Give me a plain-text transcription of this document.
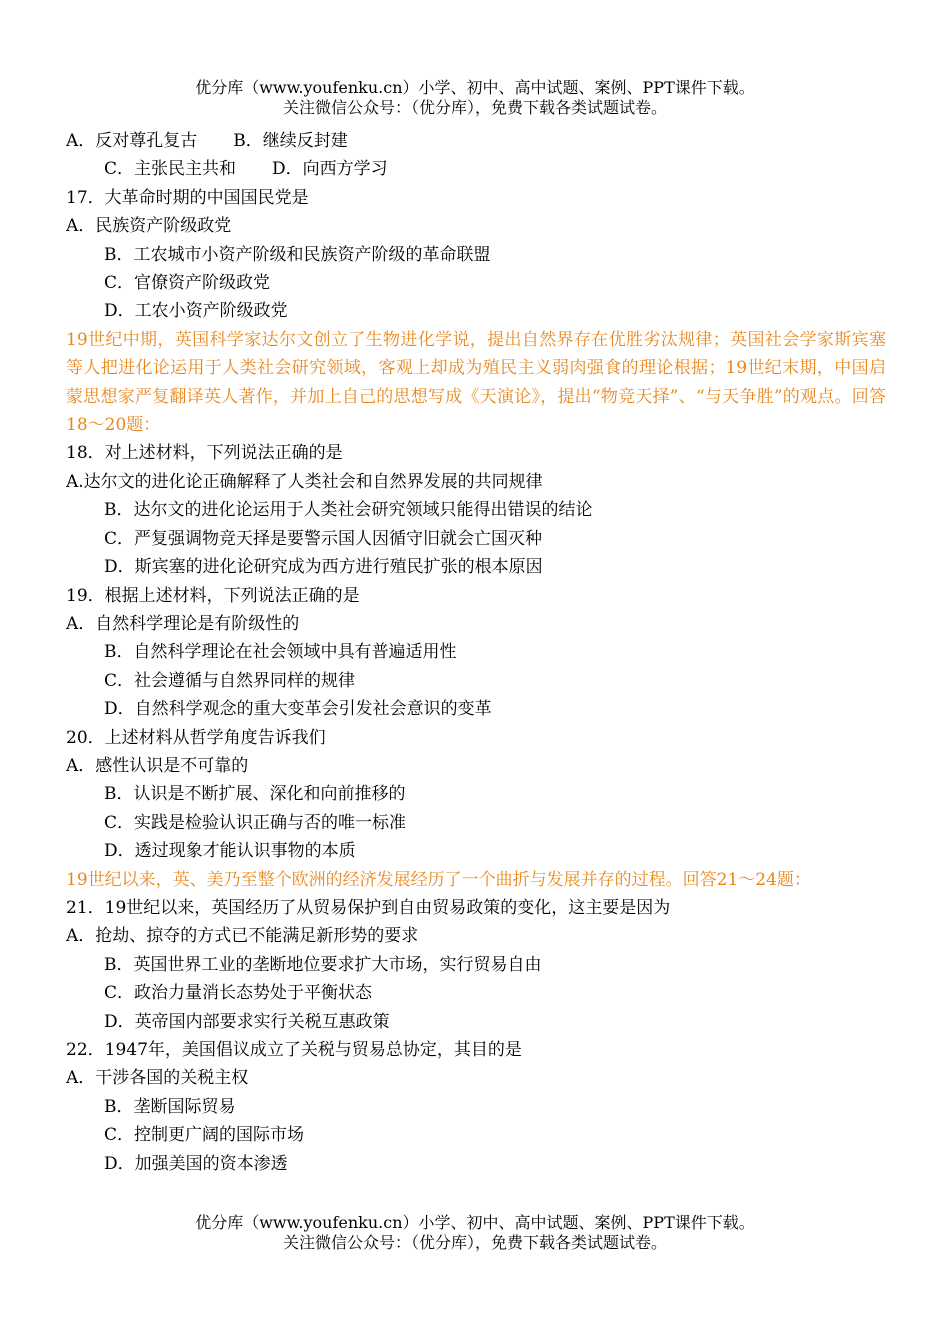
优分库（www.youfenku.cn）小学、初中、高中试题、案例、PPT课件下载。
关注微信公众号：（优分库），免费下载各类试题试卷。
A．反对尊孔复古 B．继续反封建
C．主张民主共和 D．向西方学习
17．大革命时期的中国国民党是
A．民族资产阶级政党
B．工农城市小资产阶级和民族资产阶级的革命联盟
C．官僚资产阶级政党
D．工农小资产阶级政党
19世纪中期，英国科学家达尔文创立了生物进化学说，提出自然界存在优胜劣汰规律；英国社会学家斯宾塞等人把进化论运用于人类社会研究领域，客观上却成为殖民主义弱肉强食的理论根据；19世纪末期，中国启蒙思想家严复翻译英人著作，并加上自己的思想写成《天演论》，提出“物竞天择”、“与天争胜”的观点。回答18～20题：
18．对上述材料，下列说法正确的是
A.达尔文的进化论正确解释了人类社会和自然界发展的共同规律
B．达尔文的进化论运用于人类社会研究领域只能得出错误的结论
C．严复强调物竞天择是要警示国人因循守旧就会亡国灭种
D．斯宾塞的进化论研究成为西方进行殖民扩张的根本原因
19．根据上述材料，下列说法正确的是
A．自然科学理论是有阶级性的
B．自然科学理论在社会领域中具有普遍适用性
C．社会遵循与自然界同样的规律
D．自然科学观念的重大变革会引发社会意识的变革
20．上述材料从哲学角度告诉我们
A．感性认识是不可靠的
B．认识是不断扩展、深化和向前推移的
C．实践是检验认识正确与否的唯一标准
D．透过现象才能认识事物的本质
19世纪以来，英、美乃至整个欧洲的经济发展经历了一个曲折与发展并存的过程。回答21～24题：
21．19世纪以来，英国经历了从贸易保护到自由贸易政策的变化，这主要是因为
A．抢劫、掠夺的方式已不能满足新形势的要求
B．英国世界工业的垄断地位要求扩大市场，实行贸易自由
C．政治力量消长态势处于平衡状态
D．英帝国内部要求实行关税互惠政策
22．1947年，美国倡议成立了关税与贸易总协定，其目的是
A．干涉各国的关税主权
B．垄断国际贸易
C．控制更广阔的国际市场
D．加强美国的资本渗透
优分库（www.youfenku.cn）小学、初中、高中试题、案例、PPT课件下载。
关注微信公众号：（优分库），免费下载各类试题试卷。
